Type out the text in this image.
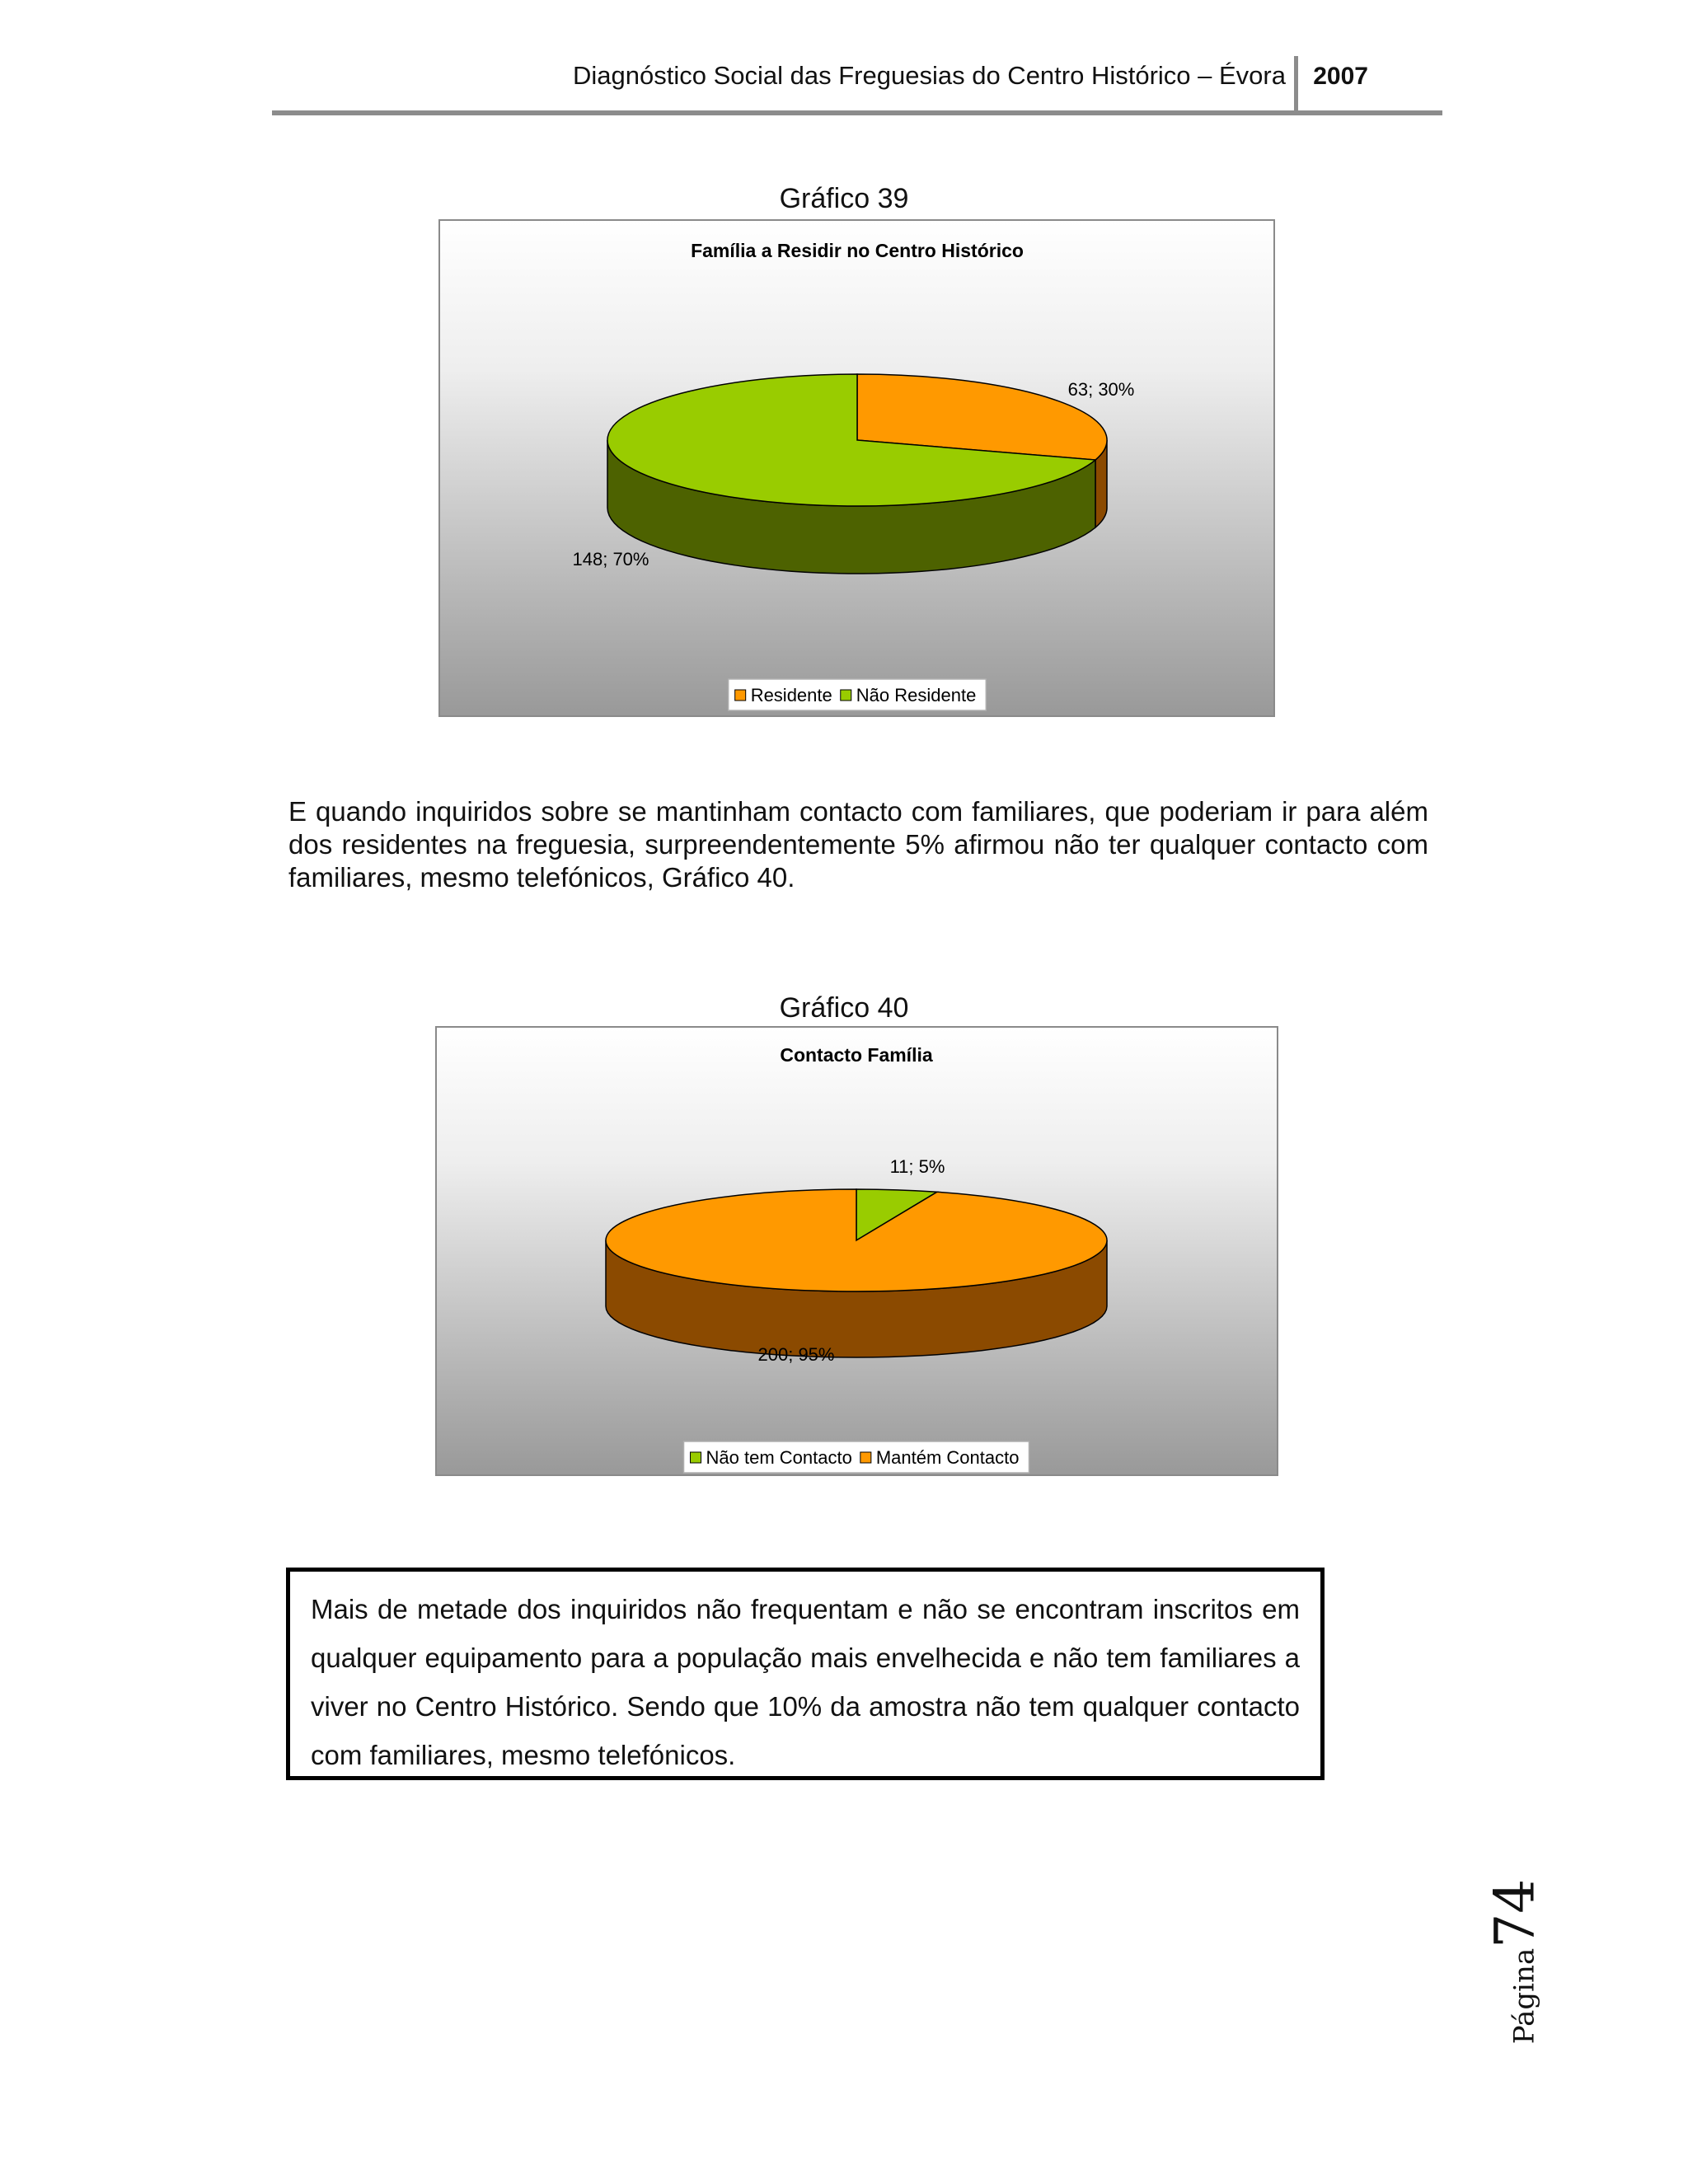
Diagnóstico Social das Freguesias do Centro Histórico – Évora 2007
Gráfico 39
Família a Residir no Centro Histórico
63; 30%
148; 70%
Residente Não Residente

E quando inquiridos sobre se mantinham contacto com familiares, que poderiam ir para além dos residentes na freguesia, surpreendentemente 5% afirmou não ter qualquer contacto com familiares, mesmo telefónicos, Gráfico 40.

Gráfico 40
Contacto Família
11; 5%
200; 95%
Não tem Contacto Mantém Contacto

Mais de metade dos inquiridos não frequentam e não se encontram inscritos em qualquer equipamento para a população mais envelhecida e não tem familiares a viver no Centro Histórico. Sendo que 10% da amostra não tem qualquer contacto com familiares, mesmo telefónicos.

Página74
